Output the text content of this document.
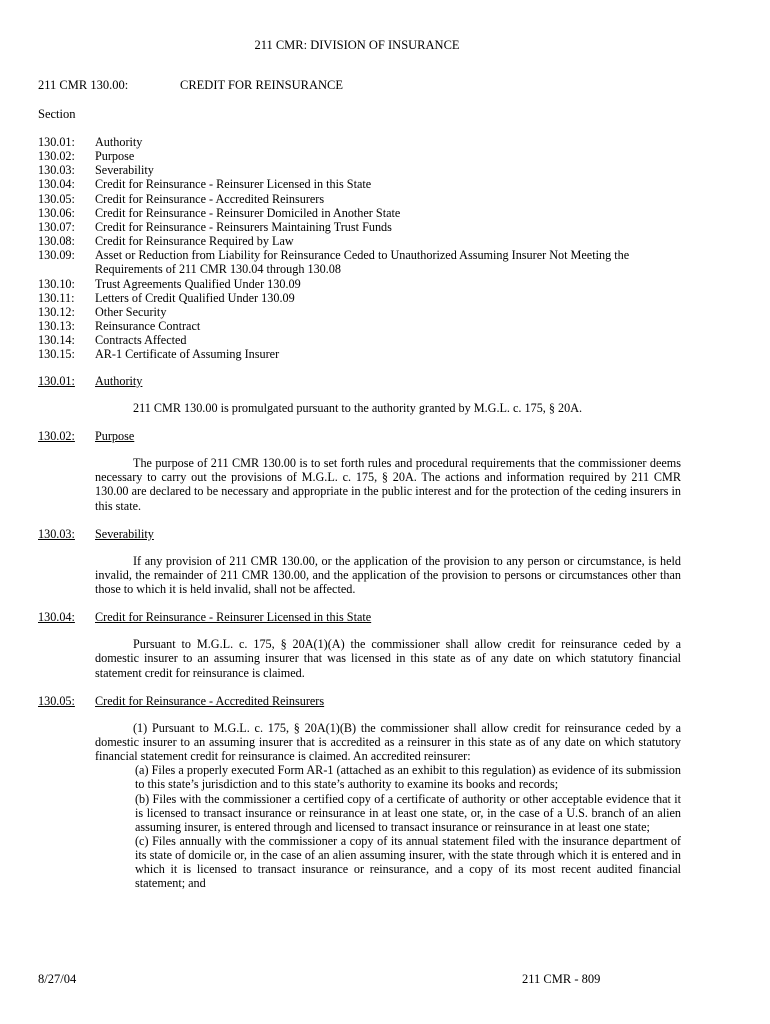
211 CMR: DIVISION OF INSURANCE
211 CMR 130.00:	CREDIT FOR REINSURANCE
Section
130.01:	Authority
130.02:	Purpose
130.03:	Severability
130.04:	Credit for Reinsurance - Reinsurer Licensed in this State
130.05:	Credit for Reinsurance - Accredited Reinsurers
130.06:	Credit for Reinsurance - Reinsurer Domiciled in Another State
130.07:	Credit for Reinsurance - Reinsurers Maintaining Trust Funds
130.08:	Credit for Reinsurance Required by Law
130.09:	Asset or Reduction from Liability for Reinsurance Ceded to Unauthorized Assuming Insurer Not Meeting the Requirements of 211 CMR 130.04 through 130.08
130.10:	Trust Agreements Qualified Under 130.09
130.11:	Letters of Credit Qualified Under 130.09
130.12:	Other Security
130.13:	Reinsurance Contract
130.14:	Contracts Affected
130.15:	AR-1 Certificate of Assuming Insurer
130.01: Authority
211 CMR 130.00 is promulgated pursuant to the authority granted by M.G.L. c. 175, § 20A.
130.02: Purpose
The purpose of 211 CMR 130.00 is to set forth rules and procedural requirements that the commissioner deems necessary to carry out the provisions of M.G.L. c. 175, § 20A. The actions and information required by 211 CMR 130.00 are declared to be necessary and appropriate in the public interest and for the protection of the ceding insurers in this state.
130.03: Severability
If any provision of 211 CMR 130.00, or the application of the provision to any person or circumstance, is held invalid, the remainder of 211 CMR 130.00, and the application of the provision to persons or circumstances other than those to which it is held invalid, shall not be affected.
130.04: Credit for Reinsurance - Reinsurer Licensed in this State
Pursuant to M.G.L. c. 175, § 20A(1)(A) the commissioner shall allow credit for reinsurance ceded by a domestic insurer to an assuming insurer that was licensed in this state as of any date on which statutory financial statement credit for reinsurance is claimed.
130.05: Credit for Reinsurance - Accredited Reinsurers
(1) Pursuant to M.G.L. c. 175, § 20A(1)(B) the commissioner shall allow credit for reinsurance ceded by a domestic insurer to an assuming insurer that is accredited as a reinsurer in this state as of any date on which statutory financial statement credit for reinsurance is claimed. An accredited reinsurer:
(a) Files a properly executed Form AR-1 (attached as an exhibit to this regulation) as evidence of its submission to this state’s jurisdiction and to this state’s authority to examine its books and records;
(b) Files with the commissioner a certified copy of a certificate of authority or other acceptable evidence that it is licensed to transact insurance or reinsurance in at least one state, or, in the case of a U.S. branch of an alien assuming insurer, is entered through and licensed to transact insurance or reinsurance in at least one state;
(c) Files annually with the commissioner a copy of its annual statement filed with the insurance department of its state of domicile or, in the case of an alien assuming insurer, with the state through which it is entered and in which it is licensed to transact insurance or reinsurance, and a copy of its most recent audited financial statement; and
8/27/04	211 CMR - 809
